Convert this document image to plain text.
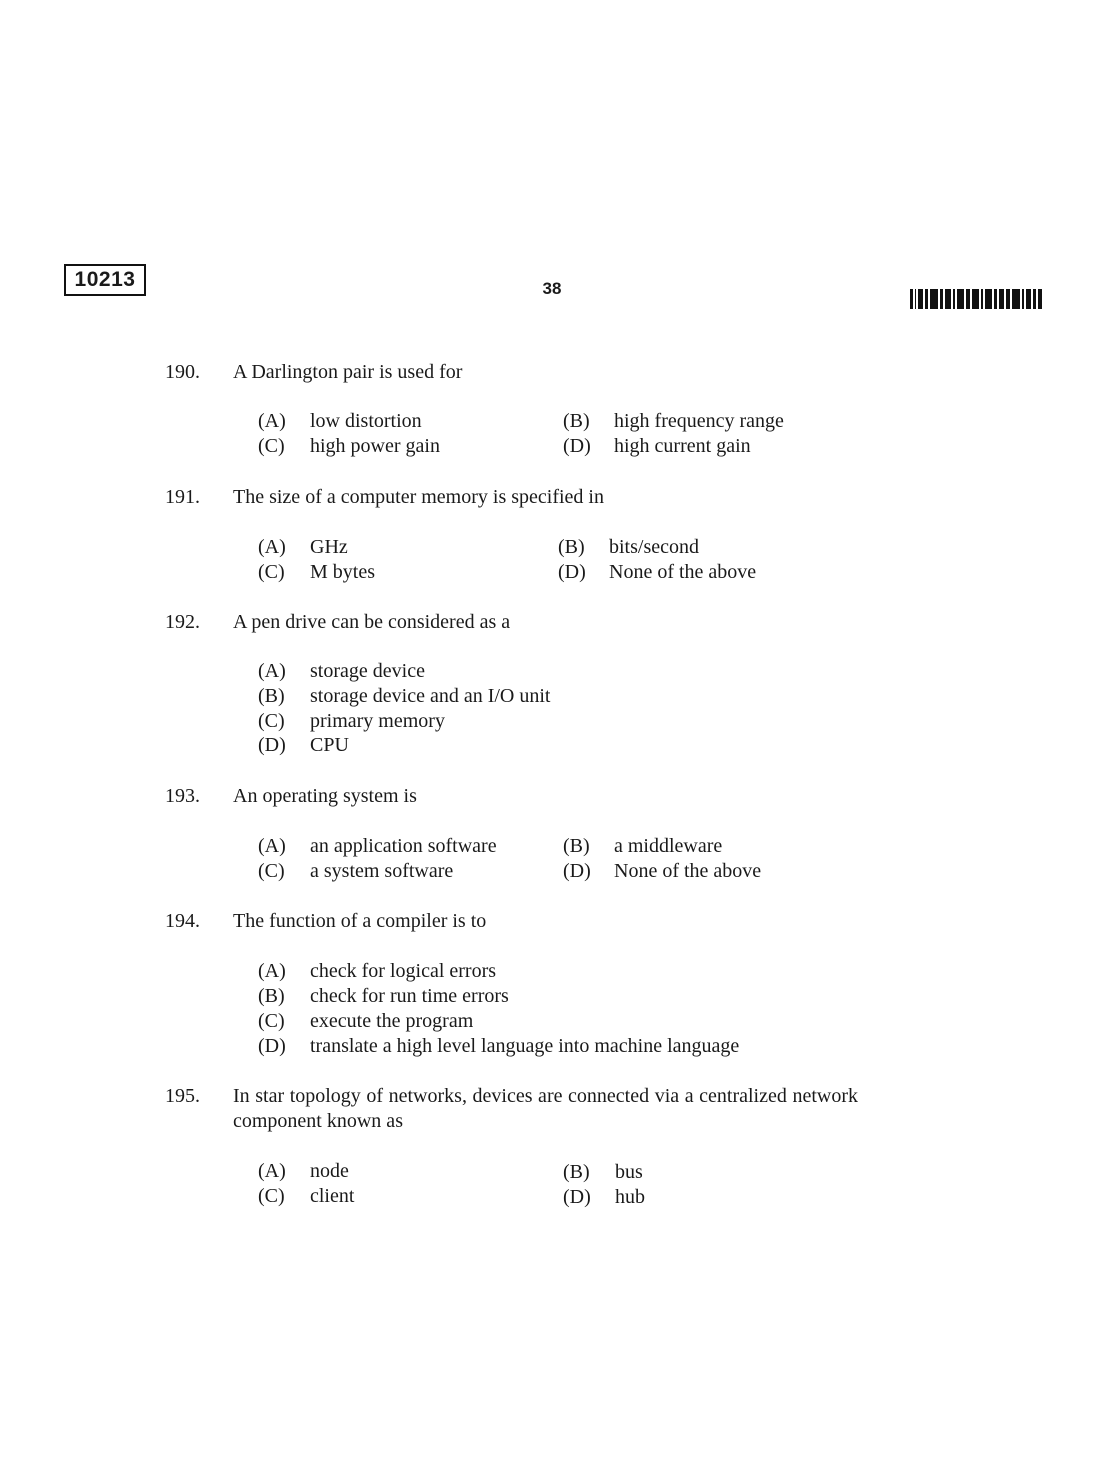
10213	38
190. A Darlington pair is used for
(A) low distortion	(B) high frequency range
(C) high power gain	(D) high current gain
191. The size of a computer memory is specified in
(A) GHz	(B) bits/second
(C) M bytes	(D) None of the above
192. A pen drive can be considered as a
(A) storage device
(B) storage device and an I/O unit
(C) primary memory
(D) CPU
193. An operating system is
(A) an application software	(B) a middleware
(C) a system software	(D) None of the above
194. The function of a compiler is to
(A) check for logical errors
(B) check for run time errors
(C) execute the program
(D) translate a high level language into machine language
195. In star topology of networks, devices are connected via a centralized network component known as
(A) node	(B) bus
(C) client	(D) hub
